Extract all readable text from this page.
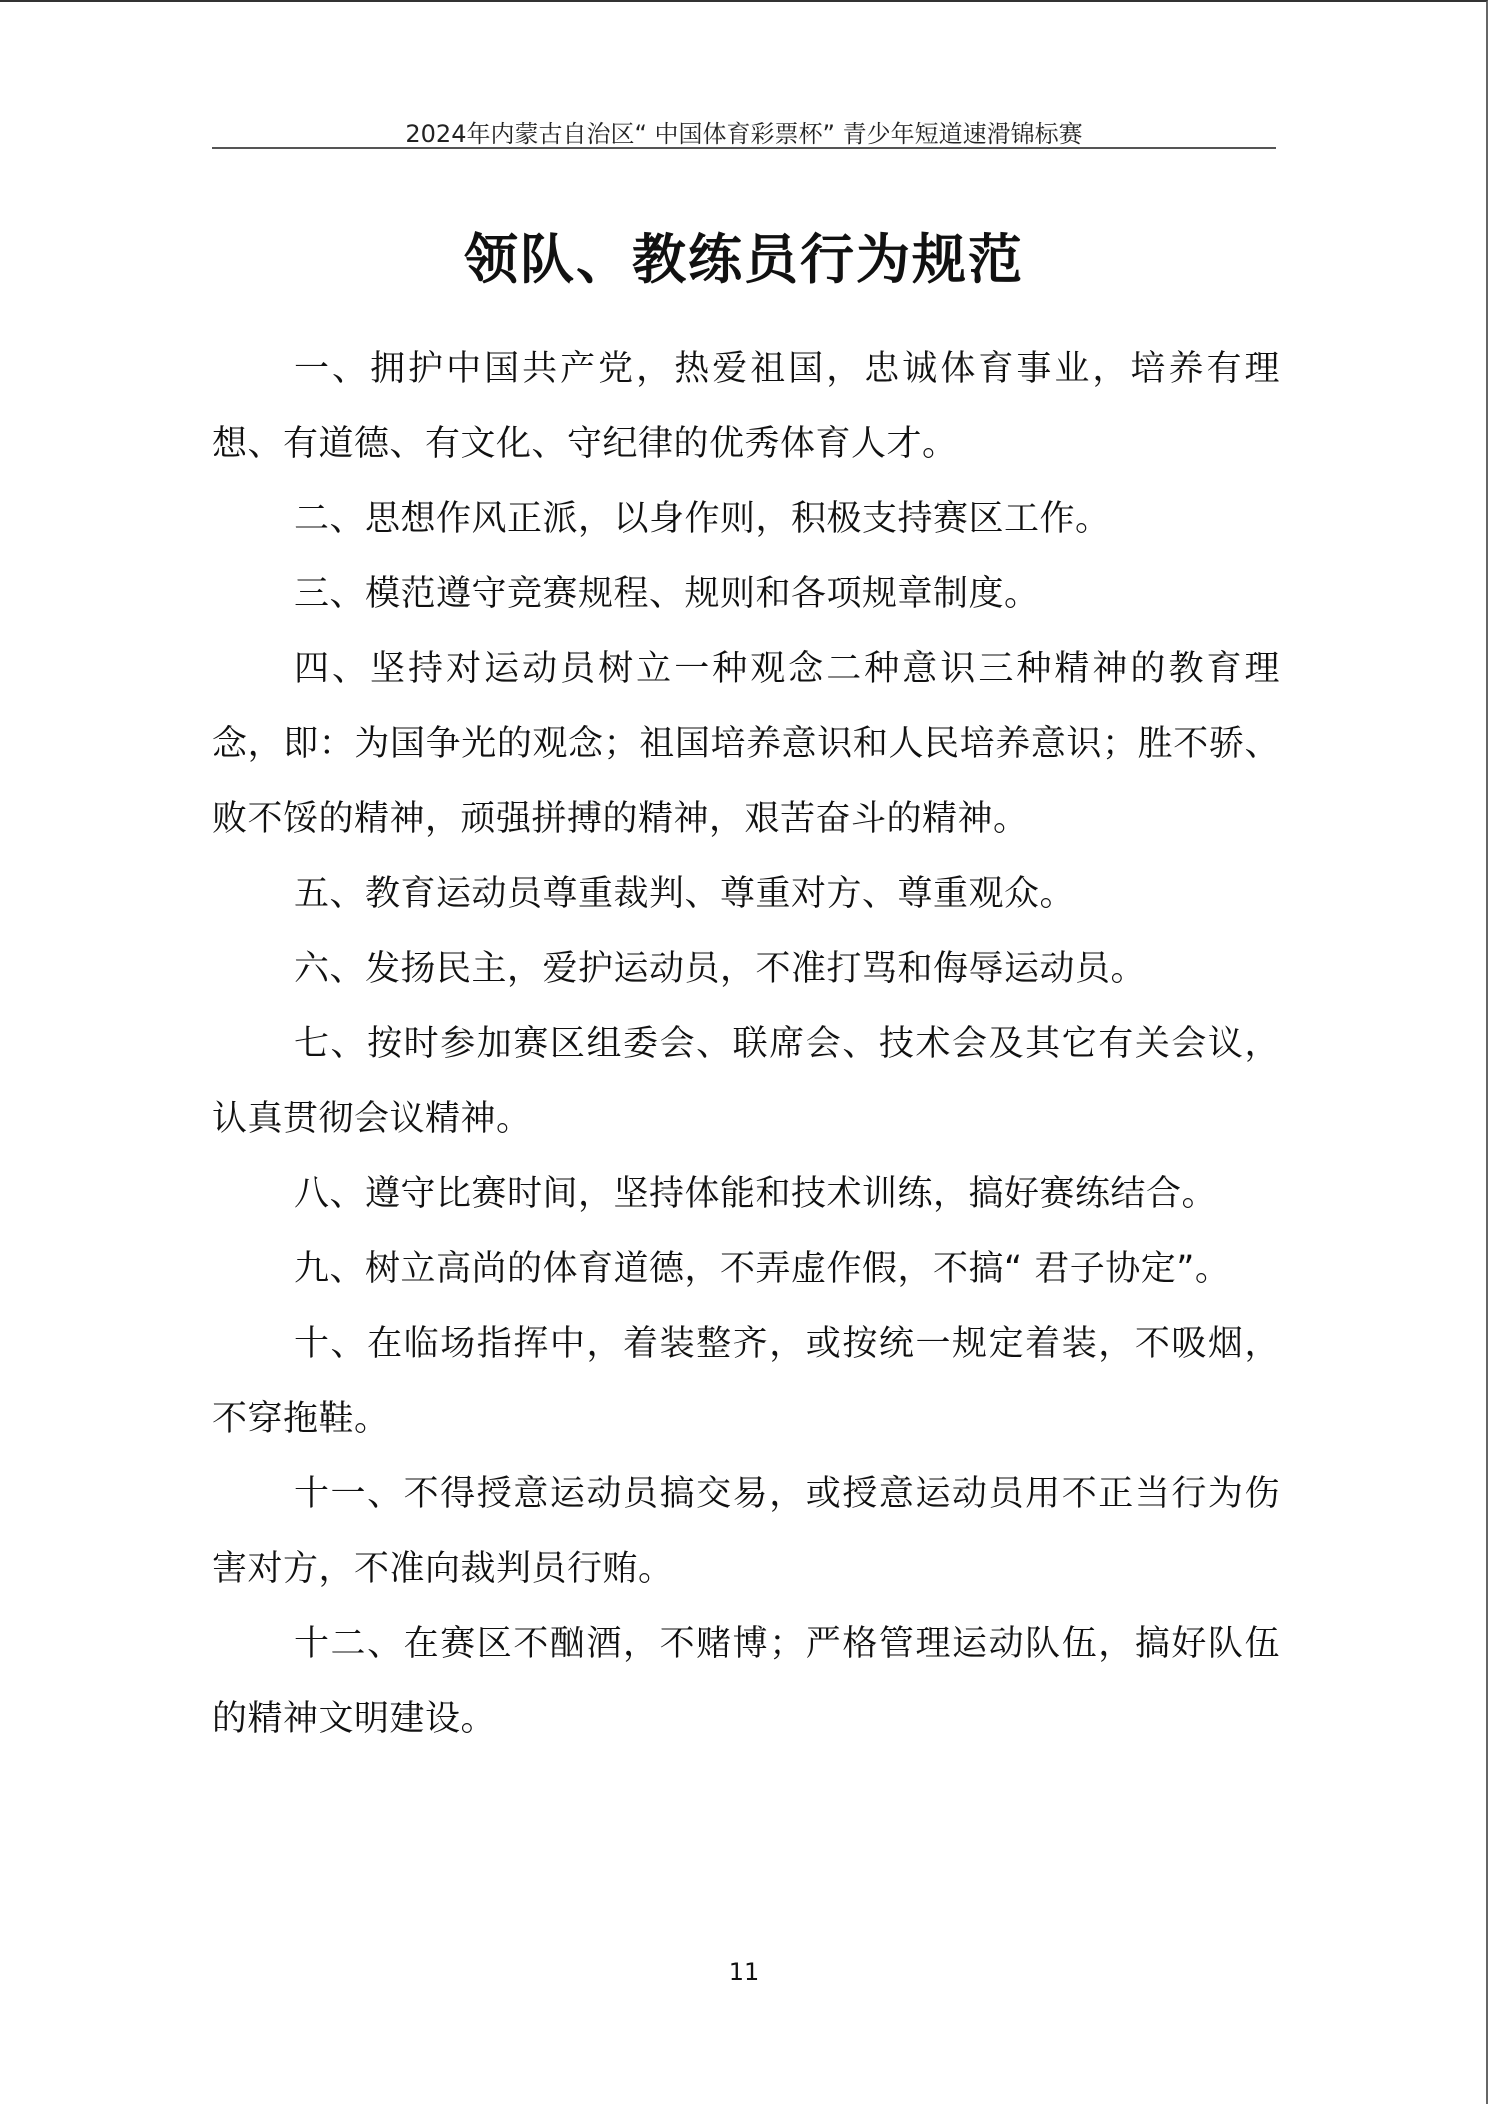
2024年内蒙古自治区“ 中国体育彩票杯” 青少年短道速滑锦标赛
领队、教练员行为规范

一、拥护中国共产党，热爱祖国，忠诚体育事业，培养有理想、有道德、有文化、守纪律的优秀体育人才。

二、思想作风正派，以身作则，积极支持赛区工作。

三、模范遵守竞赛规程、规则和各项规章制度。

四、坚持对运动员树立一种观念二种意识三种精神的教育理念，即：为国争光的观念；祖国培养意识和人民培养意识；胜不骄、败不馁的精神，顽强拼搏的精神，艰苦奋斗的精神。

五、教育运动员尊重裁判、尊重对方、尊重观众。

六、发扬民主，爱护运动员，不准打骂和侮辱运动员。

七、按时参加赛区组委会、联席会、技术会及其它有关会议，认真贯彻会议精神。

八、遵守比赛时间，坚持体能和技术训练，搞好赛练结合。

九、树立高尚的体育道德，不弄虚作假，不搞“ 君子协定”。

十、在临场指挥中，着装整齐，或按统一规定着装，不吸烟，不穿拖鞋。

十一、不得授意运动员搞交易，或授意运动员用不正当行为伤害对方，不准向裁判员行贿。

十二、在赛区不酗酒，不赌博；严格管理运动队伍，搞好队伍的精神文明建设。

11
